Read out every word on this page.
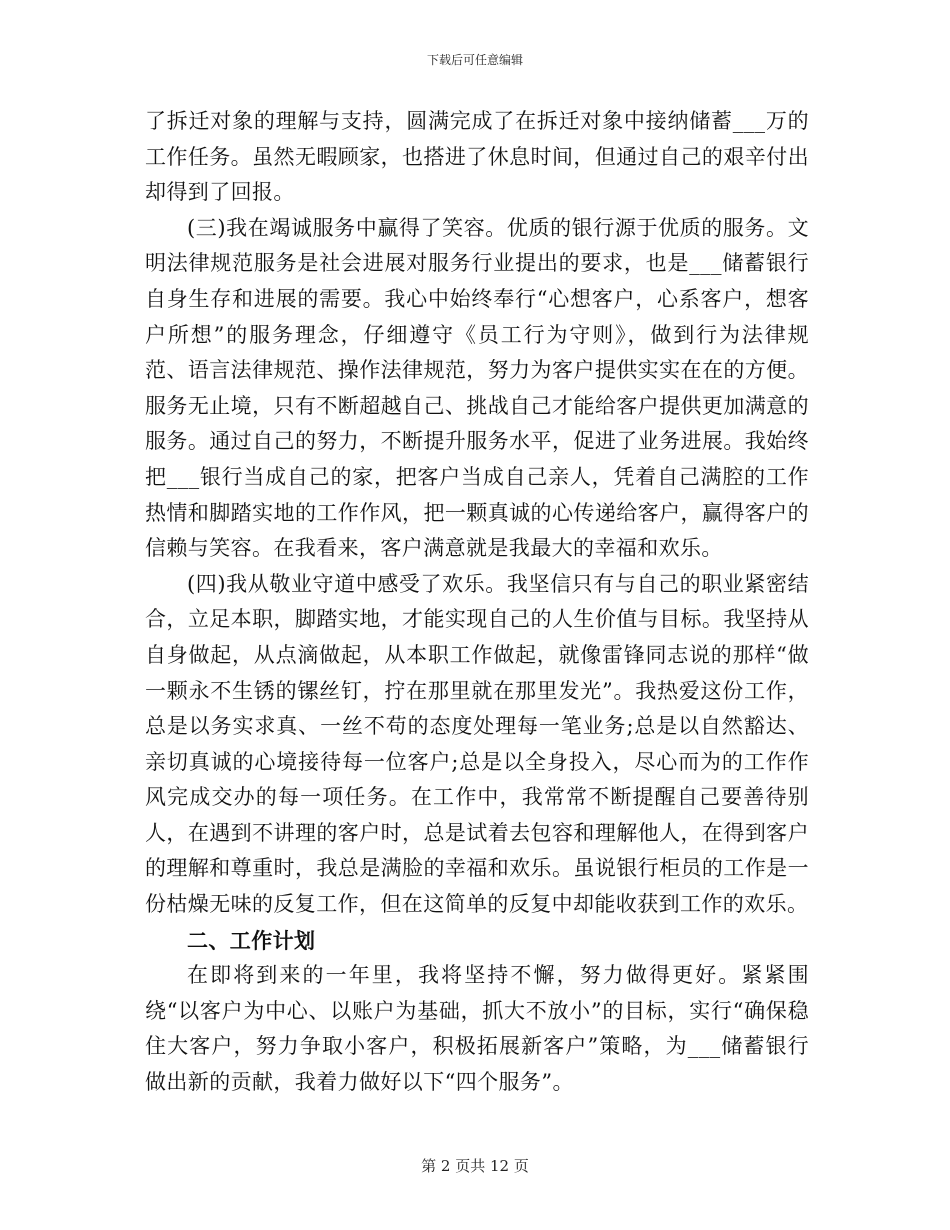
下载后可任意编辑

了拆迁对象的理解与支持，圆满完成了在拆迁对象中接纳储蓄___万的工作任务。虽然无暇顾家，也搭进了休息时间，但通过自己的艰辛付出却得到了回报。

(三)我在竭诚服务中赢得了笑容。优质的银行源于优质的服务。文明法律规范服务是社会进展对服务行业提出的要求，也是___储蓄银行自身生存和进展的需要。我心中始终奉行“心想客户，心系客户，想客户所想”的服务理念，仔细遵守《员工行为守则》，做到行为法律规范、语言法律规范、操作法律规范，努力为客户提供实实在在的方便。服务无止境，只有不断超越自己、挑战自己才能给客户提供更加满意的服务。通过自己的努力，不断提升服务水平，促进了业务进展。我始终把___银行当成自己的家，把客户当成自己亲人，凭着自己满腔的工作热情和脚踏实地的工作作风，把一颗真诚的心传递给客户，赢得客户的信赖与笑容。在我看来，客户满意就是我最大的幸福和欢乐。

(四)我从敬业守道中感受了欢乐。我坚信只有与自己的职业紧密结合，立足本职，脚踏实地，才能实现自己的人生价值与目标。我坚持从自身做起，从点滴做起，从本职工作做起，就像雷锋同志说的那样“做一颗永不生锈的镙丝钉，拧在那里就在那里发光”。我热爱这份工作，总是以务实求真、一丝不苟的态度处理每一笔业务;总是以自然豁达、亲切真诚的心境接待每一位客户;总是以全身投入，尽心而为的工作作风完成交办的每一项任务。在工作中，我常常不断提醒自己要善待别人，在遇到不讲理的客户时，总是试着去包容和理解他人，在得到客户的理解和尊重时，我总是满脸的幸福和欢乐。虽说银行柜员的工作是一份枯燥无味的反复工作，但在这简单的反复中却能收获到工作的欢乐。

二、工作计划

在即将到来的一年里，我将坚持不懈，努力做得更好。紧紧围绕“以客户为中心、以账户为基础，抓大不放小”的目标，实行“确保稳住大客户，努力争取小客户，积极拓展新客户”策略，为___储蓄银行做出新的贡献，我着力做好以下“四个服务”。

第 2 页共 12 页
